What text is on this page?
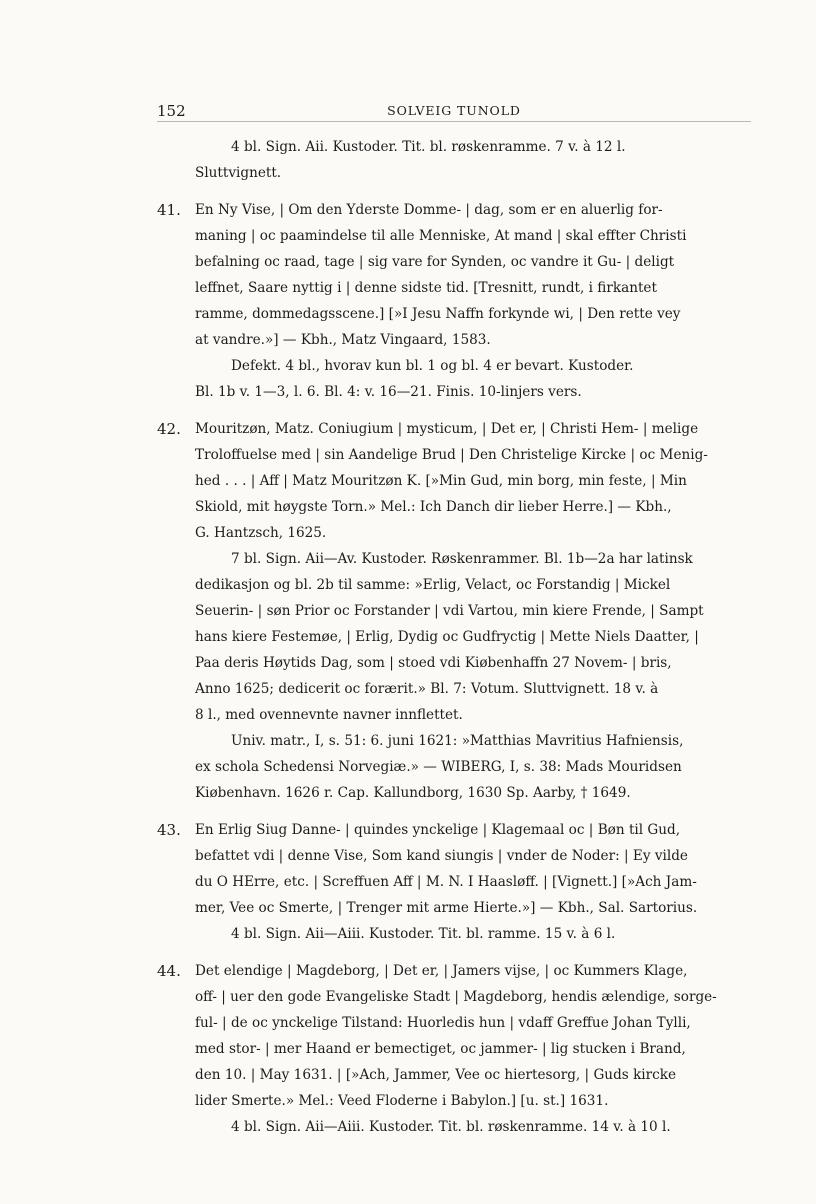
152	SOLVEIG TUNOLD
4 bl. Sign. Aii. Kustoder. Tit. bl. røskenramme. 7 v. à 12 l.
Sluttvignett.
41. En Ny Vise, | Om den Yderste Domme- | dag, som er en aluerlig for-
maning | oc paamindelse til alle Menniske, At mand | skal effter Christi
befalning oc raad, tage | sig vare for Synden, oc vandre it Gu- | deligt
leffnet, Saare nyttig i | denne sidste tid. [Tresnitt, rundt, i firkantet
ramme, dommedagsscene.] [»I Jesu Naffn forkynde wi, | Den rette vey
at vandre.»] — Kbh., Matz Vingaard, 1583.
Defekt. 4 bl., hvorav kun bl. 1 og bl. 4 er bevart. Kustoder.
Bl. 1b v. 1—3, l. 6. Bl. 4: v. 16—21. Finis. 10-linjers vers.
42. Mouritzøn, Matz. Coniugium | mysticum, | Det er, | Christi Hem- | melige
Troloffuelse med | sin Aandelige Brud | Den Christelige Kircke | oc Menig-
hed . . . | Aff | Matz Mouritzøn K. [»Min Gud, min borg, min feste, | Min
Skiold, mit høygste Torn.» Mel.: Ich Danch dir lieber Herre.] — Kbh.,
G. Hantzsch, 1625.
7 bl. Sign. Aii—Av. Kustoder. Røskenrammer. Bl. 1b—2a har latinsk
dedikasjon og bl. 2b til samme: »Erlig, Velact, oc Forstandig | Mickel
Seuerin- | søn Prior oc Forstander | vdi Vartou, min kiere Frende, | Sampt
hans kiere Festemøe, | Erlig, Dydig oc Gudfryctig | Mette Niels Daatter, |
Paa deris Høytids Dag, som | stoed vdi Kiøbenhaffn 27 Novem- | bris,
Anno 1625; dedicerit oc forærit.» Bl. 7: Votum. Sluttvignett. 18 v. à
8 l., med ovennevnte navner innflettet.
Univ. matr., I, s. 51: 6. juni 1621: »Matthias Mavritius Hafniensis,
ex schola Schedensi Norvegiæ.» — WIBERG, I, s. 38: Mads Mouridsen
Kiøbenhavn. 1626 r. Cap. Kallundborg, 1630 Sp. Aarby, † 1649.
43. En Erlig Siug Danne- | quindes ynckelige | Klagemaal oc | Bøn til Gud,
befattet vdi | denne Vise, Som kand siungis | vnder de Noder: | Ey vilde
du O HErre, etc. | Screffuen Aff | M. N. I Haasløff. | [Vignett.] [»Ach Jam-
mer, Vee oc Smerte, | Trenger mit arme Hierte.»] — Kbh., Sal. Sartorius.
4 bl. Sign. Aii—Aiii. Kustoder. Tit. bl. ramme. 15 v. à 6 l.
44. Det elendige | Magdeborg, | Det er, | Jamers vijse, | oc Kummers Klage,
off- | uer den gode Evangeliske Stadt | Magdeborg, hendis ælendige, sorge-
ful- | de oc ynckelige Tilstand: Huorledis hun | vdaff Greffue Johan Tylli,
med stor- | mer Haand er bemectiget, oc jammer- | lig stucken i Brand,
den 10. | May 1631. | [»Ach, Jammer, Vee oc hiertesorg, | Guds kircke
lider Smerte.» Mel.: Veed Floderne i Babylon.] [u. st.] 1631.
4 bl. Sign. Aii—Aiii. Kustoder. Tit. bl. røskenramme. 14 v. à 10 l.
